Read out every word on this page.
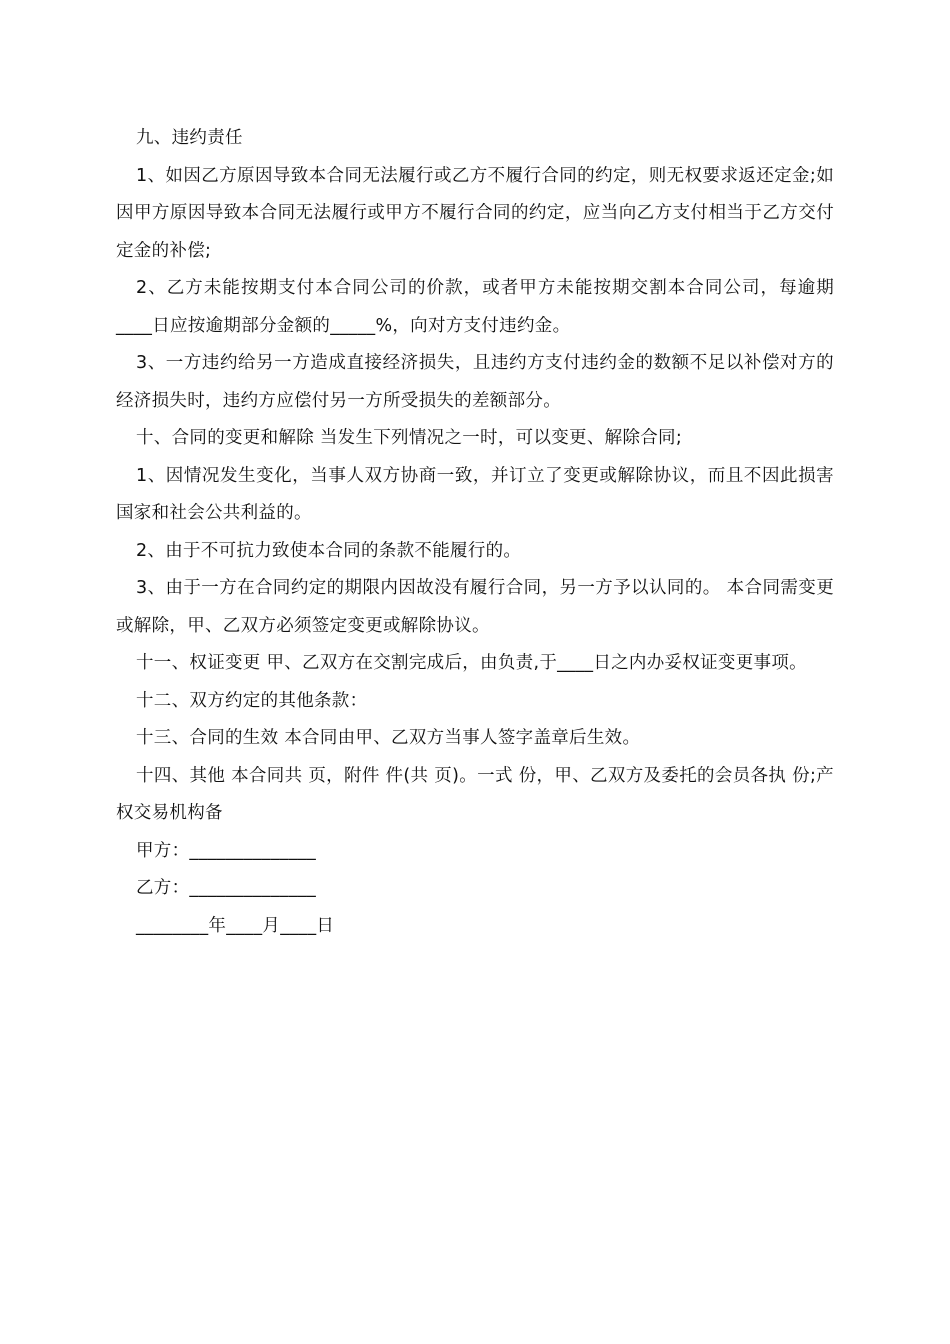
九、违约责任

1、如因乙方原因导致本合同无法履行或乙方不履行合同的约定，则无权要求返还定金;如因甲方原因导致本合同无法履行或甲方不履行合同的约定，应当向乙方支付相当于乙方交付定金的补偿;

2、乙方未能按期支付本合同公司的价款，或者甲方未能按期交割本合同公司，每逾期____日应按逾期部分金额的_____%，向对方支付违约金。

3、一方违约给另一方造成直接经济损失，且违约方支付违约金的数额不足以补偿对方的经济损失时，违约方应偿付另一方所受损失的差额部分。

十、合同的变更和解除 当发生下列情况之一时，可以变更、解除合同;

1、因情况发生变化，当事人双方协商一致，并订立了变更或解除协议，而且不因此损害国家和社会公共利益的。

2、由于不可抗力致使本合同的条款不能履行的。

3、由于一方在合同约定的期限内因故没有履行合同，另一方予以认同的。 本合同需变更或解除，甲、乙双方必须签定变更或解除协议。

十一、权证变更 甲、乙双方在交割完成后，由负责,于____日之内办妥权证变更事项。

十二、双方约定的其他条款：

十三、合同的生效 本合同由甲、乙双方当事人签字盖章后生效。

十四、其他 本合同共 页，附件 件(共 页)。一式 份，甲、乙双方及委托的会员各执 份;产权交易机构备

甲方：______________

乙方：______________

________年____月____日
